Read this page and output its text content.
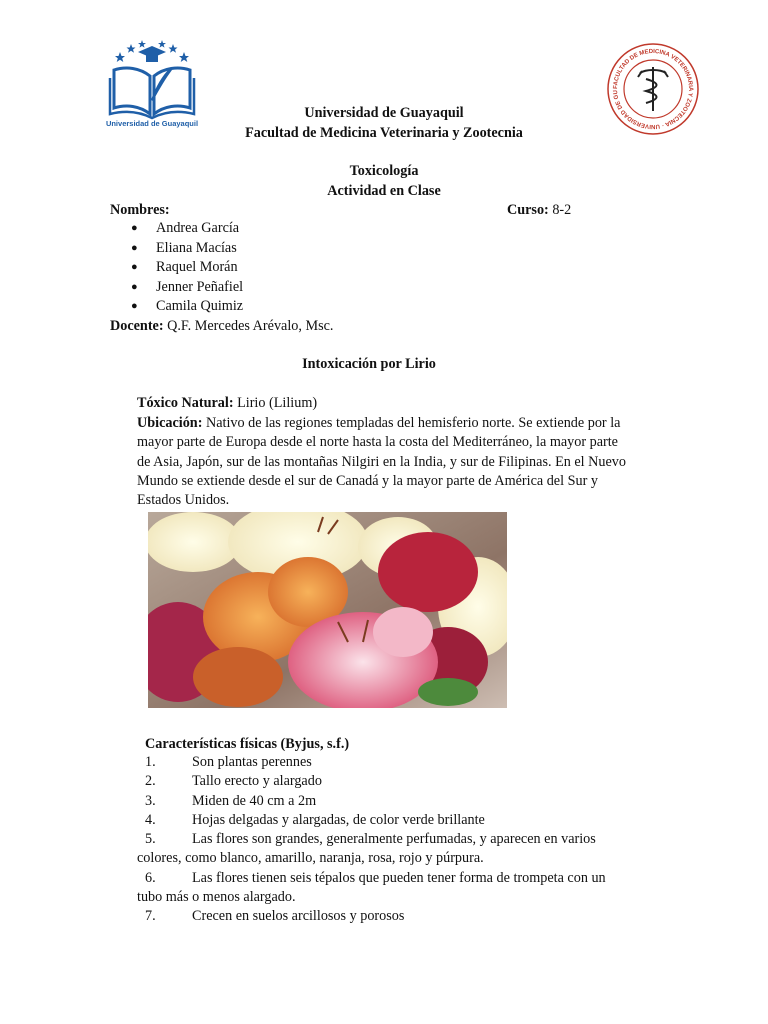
Universidad de Guayaquil
FACULTAD DE MEDICINA VETERINARIA Y ZOOTECNIA · UNIVERSIDAD DE GU
Universidad de Guayaquil
Facultad de Medicina Veterinaria y Zootecnia
Toxicología
Actividad en Clase
Nombres:	Curso: 8-2
● Andrea García
● Eliana Macías
● Raquel Morán
● Jenner Peñafiel
● Camila Quimiz
Docente: Q.F. Mercedes Arévalo, Msc.
Intoxicación por Lirio
Tóxico Natural: Lirio (Lilium)
Ubicación: Nativo de las regiones templadas del hemisferio norte. Se extiende por la
mayor parte de Europa desde el norte hasta la costa del Mediterráneo, la mayor parte
de Asia, Japón, sur de las montañas Nilgiri en la India, y sur de Filipinas. En el Nuevo
Mundo se extiende desde el sur de Canadá y la mayor parte de América del Sur y
Estados Unidos.
Características físicas (Byjus, s.f.)
1.	Son plantas perennes
2.	Tallo erecto y alargado
3.	Miden de 40 cm a 2m
4.	Hojas delgadas y alargadas, de color verde brillante
5.	Las flores son grandes, generalmente perfumadas, y aparecen en varios
colores, como blanco, amarillo, naranja, rosa, rojo y púrpura.
6.	Las flores tienen seis tépalos que pueden tener forma de trompeta con un
tubo más o menos alargado.
7.	Crecen en suelos arcillosos y porosos
